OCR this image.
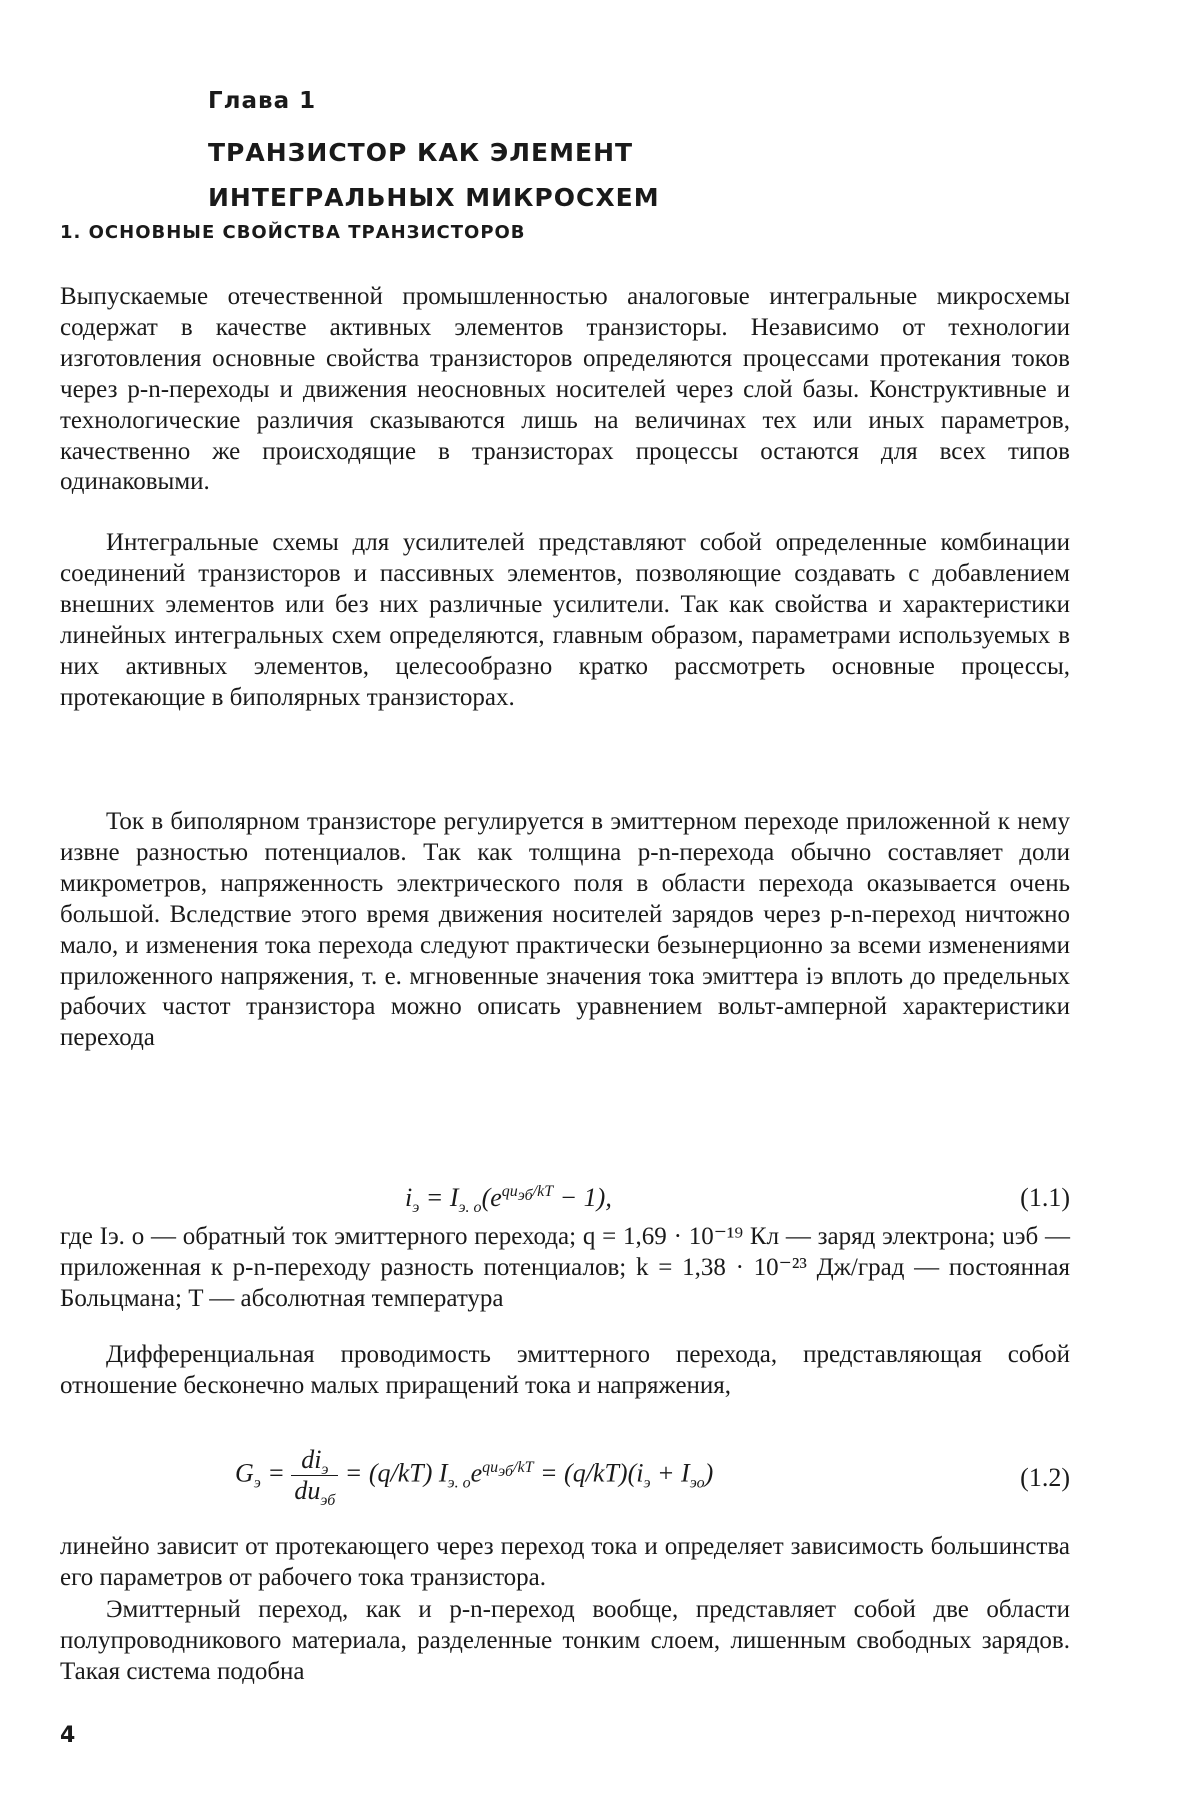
Глава 1
ТРАНЗИСТОР КАК ЭЛЕМЕНТ
ИНТЕГРАЛЬНЫХ МИКРОСХЕМ
1. ОСНОВНЫЕ СВОЙСТВА ТРАНЗИСТОРОВ

Выпускаемые отечественной промышленностью аналоговые интегральные микросхемы содержат в качестве активных элементов транзисторы. Независимо от технологии изготовления основные свойства транзисторов определяются процессами протекания токов через p-n-переходы и движения неосновных носителей через слой базы. Конструктивные и технологические различия сказываются лишь на величинах тех или иных параметров, качественно же происходящие в транзисторах процессы остаются для всех типов одинаковыми.

Интегральные схемы для усилителей представляют собой определенные комбинации соединений транзисторов и пассивных элементов, позволяющие создавать с добавлением внешних элементов или без них различные усилители. Так как свойства и характеристики линейных интегральных схем определяются, главным образом, параметрами используемых в них активных элементов, целесообразно кратко рассмотреть основные процессы, протекающие в биполярных транзисторах.

Ток в биполярном транзисторе регулируется в эмиттерном переходе приложенной к нему извне разностью потенциалов. Так как толщина p-n-перехода обычно составляет доли микрометров, напряженность электрического поля в области перехода оказывается очень большой. Вследствие этого время движения носителей зарядов через p-n-переход ничтожно мало, и изменения тока перехода следуют практически безынерционно за всеми изменениями приложенного напряжения, т. е. мгновенные значения тока эмиттера iэ вплоть до предельных рабочих частот транзистора можно описать уравнением вольт-амперной характеристики перехода

$i_э = I_{э. о}(e^{qu_{эб}/kT} - 1)$,	(1.1)

где Iэ. о — обратный ток эмиттерного перехода; q = 1,69 · 10⁻¹⁹ Кл — заряд электрона; uэб — приложенная к p-n-переходу разность потенциалов; k = 1,38 · 10⁻²³ Дж/град — постоянная Больцмана; T — абсолютная температура

Дифференциальная проводимость эмиттерного перехода, представляющая собой отношение бесконечно малых приращений тока и напряжения,

$G_э = \frac{di_э}{du_{эб}} = (q/kT) I_{э. о}e^{qu_{эб}/kT} = (q/kT)(i_э + I_{эо})$	(1.2)

линейно зависит от протекающего через переход тока и определяет зависимость большинства его параметров от рабочего тока транзистора.

Эмиттерный переход, как и p-n-переход вообще, представляет собой две области полупроводникового материала, разделенные тонким слоем, лишенным свободных зарядов. Такая система подобна

4
